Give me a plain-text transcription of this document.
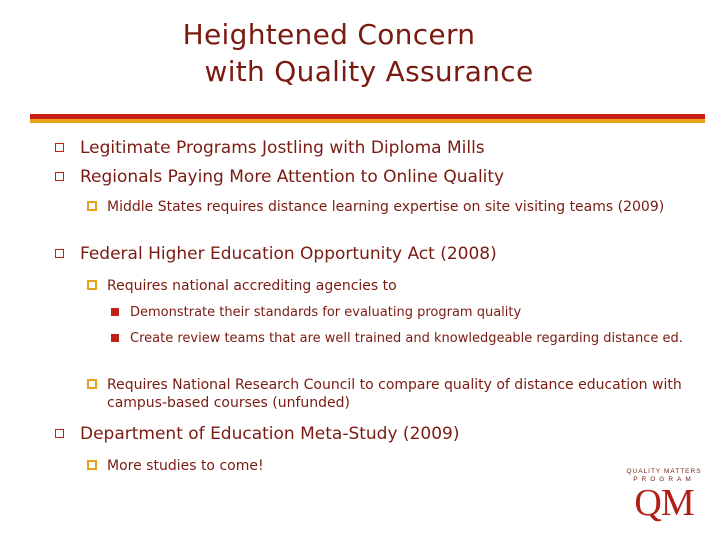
Heightened Concern
with Quality Assurance
Legitimate Programs Jostling with Diploma Mills
Regionals Paying More Attention to Online Quality
Middle States requires distance learning expertise on site visiting teams (2009)
Federal Higher Education Opportunity Act (2008)
Requires national accrediting agencies to
Demonstrate their standards for evaluating program quality
Create review teams that are well trained and knowledgeable regarding distance ed.
Requires National Research Council to compare quality of distance education with campus-based courses (unfunded)
Department of Education Meta-Study (2009)
More studies to come!	QUALITY MATTERS
PROGRAM
QM
